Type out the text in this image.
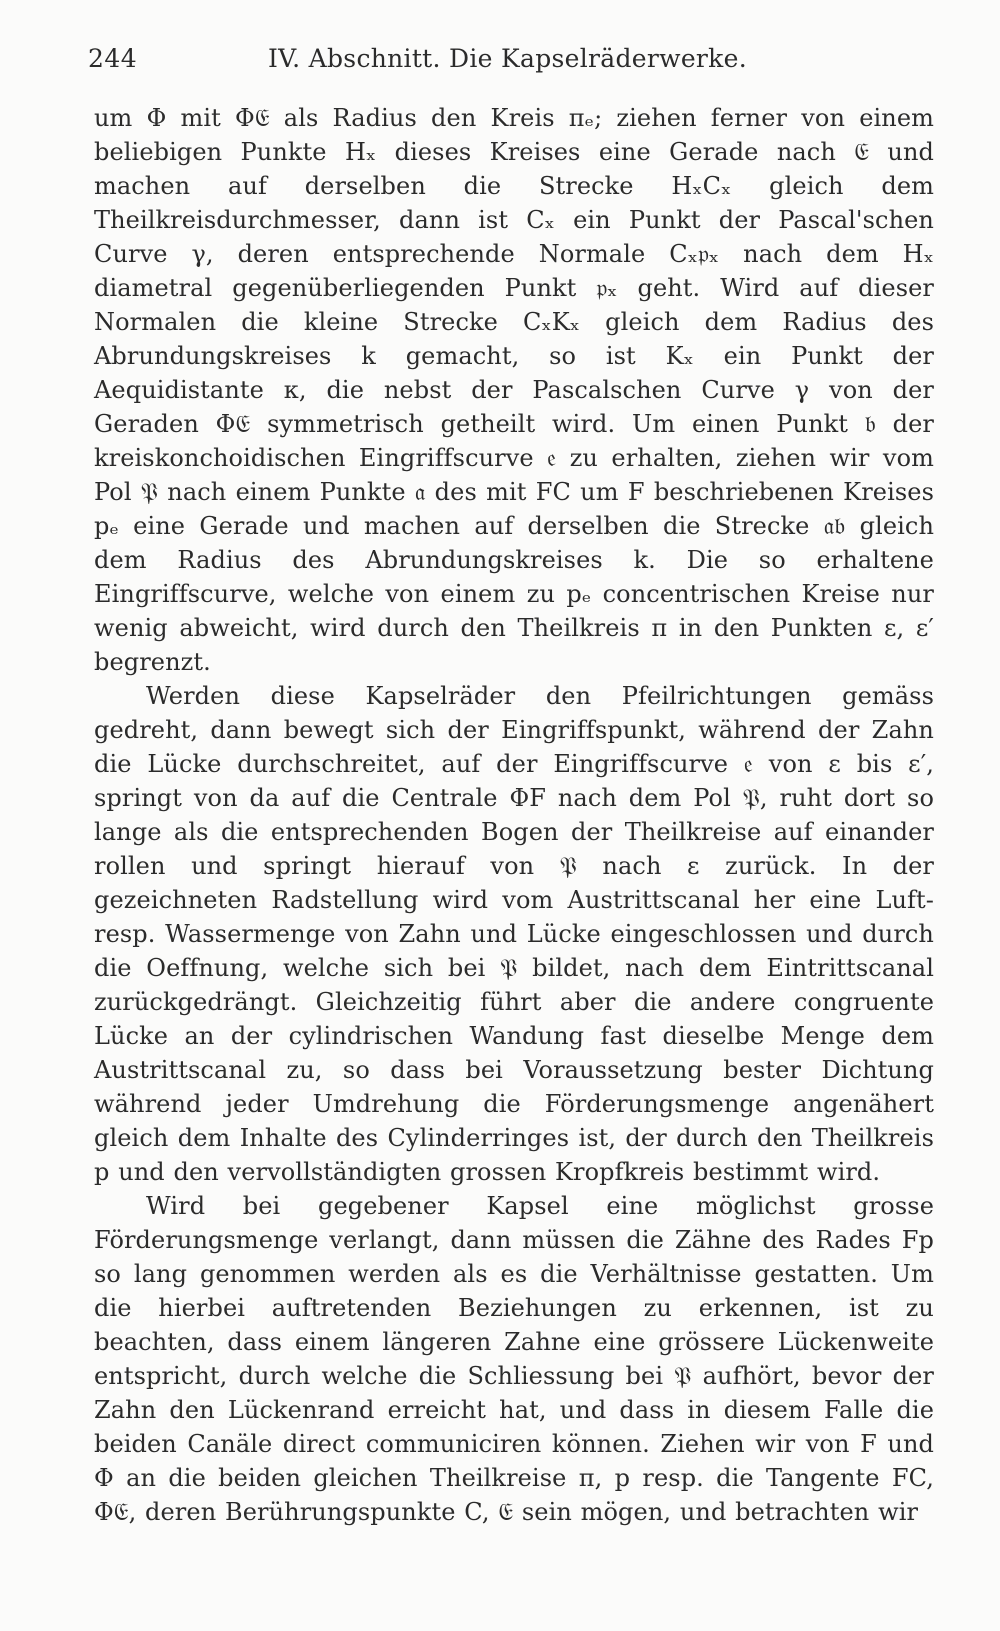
244	IV. Abschnitt. Die Kapselräderwerke.

um Φ mit Φ𝔈 als Radius den Kreis πₑ; ziehen ferner von einem beliebigen Punkte Hₓ dieses Kreises eine Gerade nach 𝔈 und machen auf derselben die Strecke HₓCₓ gleich dem Theilkreisdurchmesser, dann ist Cₓ ein Punkt der Pascal'schen Curve γ, deren entsprechende Normale Cₓ𝔭ₓ nach dem Hₓ diametral gegenüberliegenden Punkt 𝔭ₓ geht. Wird auf dieser Normalen die kleine Strecke CₓKₓ gleich dem Radius des Abrundungskreises k gemacht, so ist Kₓ ein Punkt der Aequidistante κ, die nebst der Pascalschen Curve γ von der Geraden Φ𝔈 symmetrisch getheilt wird. Um einen Punkt 𝔟 der kreiskonchoidischen Eingriffscurve 𝔢 zu erhalten, ziehen wir vom Pol 𝔓 nach einem Punkte 𝔞 des mit FC um F beschriebenen Kreises pₑ eine Gerade und machen auf derselben die Strecke 𝔞𝔟 gleich dem Radius des Abrundungskreises k. Die so erhaltene Eingriffscurve, welche von einem zu pₑ concentrischen Kreise nur wenig abweicht, wird durch den Theilkreis π in den Punkten ε, ε′ begrenzt.

Werden diese Kapselräder den Pfeilrichtungen gemäss gedreht, dann bewegt sich der Eingriffspunkt, während der Zahn die Lücke durchschreitet, auf der Eingriffscurve 𝔢 von ε bis ε′, springt von da auf die Centrale ΦF nach dem Pol 𝔓, ruht dort so lange als die entsprechenden Bogen der Theilkreise auf einander rollen und springt hierauf von 𝔓 nach ε zurück. In der gezeichneten Radstellung wird vom Austrittscanal her eine Luft- resp. Wassermenge von Zahn und Lücke eingeschlossen und durch die Oeffnung, welche sich bei 𝔓 bildet, nach dem Eintrittscanal zurückgedrängt. Gleichzeitig führt aber die andere congruente Lücke an der cylindrischen Wandung fast dieselbe Menge dem Austrittscanal zu, so dass bei Voraussetzung bester Dichtung während jeder Umdrehung die Förderungsmenge angenähert gleich dem Inhalte des Cylinderringes ist, der durch den Theilkreis p und den vervollständigten grossen Kropfkreis bestimmt wird.

Wird bei gegebener Kapsel eine möglichst grosse Förderungsmenge verlangt, dann müssen die Zähne des Rades Fp so lang genommen werden als es die Verhältnisse gestatten. Um die hierbei auftretenden Beziehungen zu erkennen, ist zu beachten, dass einem längeren Zahne eine grössere Lückenweite entspricht, durch welche die Schliessung bei 𝔓 aufhört, bevor der Zahn den Lückenrand erreicht hat, und dass in diesem Falle die beiden Canäle direct communiciren können. Ziehen wir von F und Φ an die beiden gleichen Theilkreise π, p resp. die Tangente FC, Φ𝔈, deren Berührungspunkte C, 𝔈 sein mögen, und betrachten wir
